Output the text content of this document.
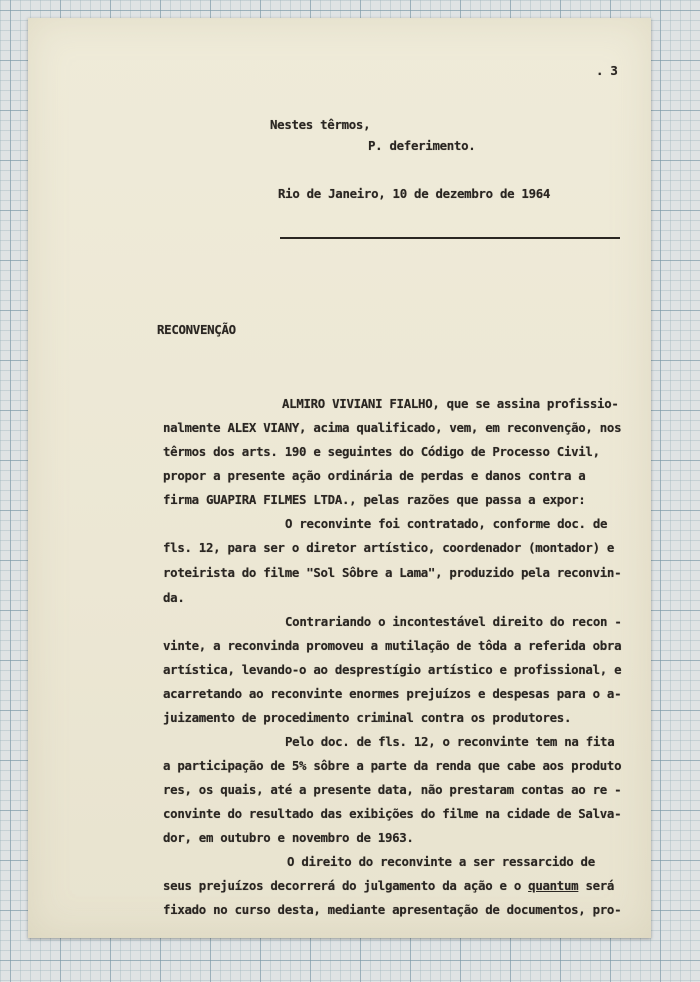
. 3

Nestes têrmos,

P. deferimento.

Rio de Janeiro, 10 de dezembro de 1964

RECONVENÇÃO

ALMIRO VIVIANI FIALHO, que se assina profissio-

nalmente ALEX VIANY, acima qualificado, vem, em reconvenção, nos

têrmos dos arts. 190 e seguintes do Código de Processo Civil,

propor a presente ação ordinária de perdas e danos contra a

firma GUAPIRA FILMES LTDA., pelas razões que passa a expor:

O reconvinte foi contratado, conforme doc. de

fls. 12, para ser o diretor artístico, coordenador (montador) e

roteirista do filme "Sol Sôbre a Lama", produzido pela reconvin-

da.

Contrariando o incontestável direito do recon -

vinte, a reconvinda promoveu a mutilação de tôda a referida obra

artística, levando-o ao desprestígio artístico e profissional, e

acarretando ao reconvinte enormes prejuízos e despesas para o a-

juizamento de procedimento criminal contra os produtores.

Pelo doc. de fls. 12, o reconvinte tem na fita

a participação de 5% sôbre a parte da renda que cabe aos produto

res, os quais, até a presente data, não prestaram contas ao re -

convinte do resultado das exibições do filme na cidade de Salva-

dor, em outubro e novembro de 1963.

O direito do reconvinte a ser ressarcido de

seus prejuízos decorrerá do julgamento da ação e o quantum será

fixado no curso desta, mediante apresentação de documentos, pro-
